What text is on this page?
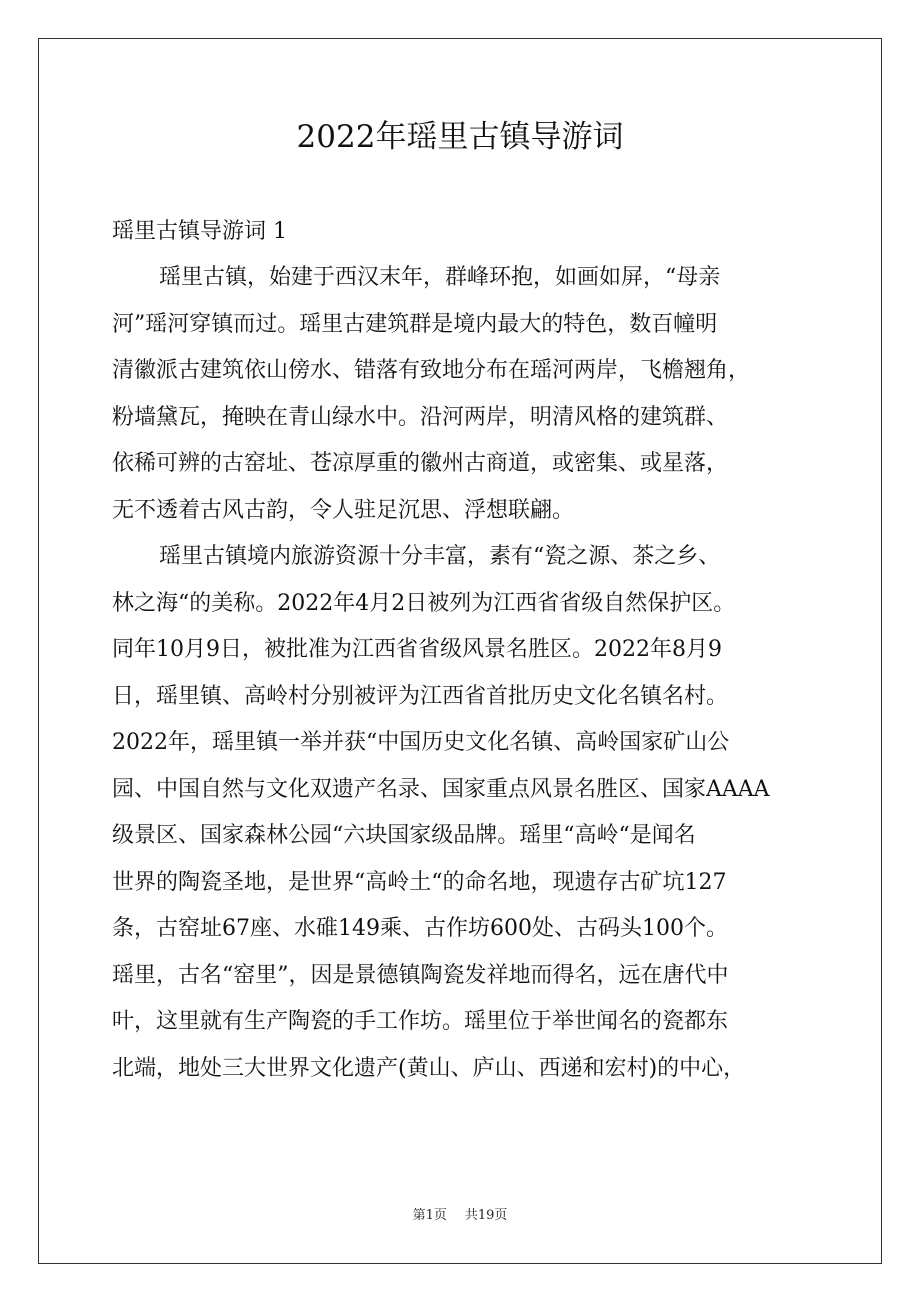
2022年瑶里古镇导游词

瑶里古镇导游词 1

瑶里古镇，始建于西汉末年，群峰环抱，如画如屏，“母亲
河”瑶河穿镇而过。瑶里古建筑群是境内最大的特色，数百幢明
清徽派古建筑依山傍水、错落有致地分布在瑶河两岸，飞檐翘角，
粉墙黛瓦，掩映在青山绿水中。沿河两岸，明清风格的建筑群、
依稀可辨的古窑址、苍凉厚重的徽州古商道，或密集、或星落，
无不透着古风古韵，令人驻足沉思、浮想联翩。
瑶里古镇境内旅游资源十分丰富，素有“瓷之源、茶之乡、
林之海“的美称。2022年4月2日被列为江西省省级自然保护区。
同年10月9日，被批准为江西省省级风景名胜区。2022年8月9
日，瑶里镇、高岭村分别被评为江西省首批历史文化名镇名村。
2022年，瑶里镇一举并获“中国历史文化名镇、高岭国家矿山公
园、中国自然与文化双遗产名录、国家重点风景名胜区、国家AAAA
级景区、国家森林公园“六块国家级品牌。瑶里“高岭“是闻名
世界的陶瓷圣地，是世界“高岭土“的命名地，现遗存古矿坑127
条，古窑址67座、水碓149乘、古作坊600处、古码头100个。
瑶里，古名“窑里”，因是景德镇陶瓷发祥地而得名，远在唐代中
叶，这里就有生产陶瓷的手工作坊。瑶里位于举世闻名的瓷都东
北端，地处三大世界文化遗产(黄山、庐山、西递和宏村)的中心，
第1页 共19页
